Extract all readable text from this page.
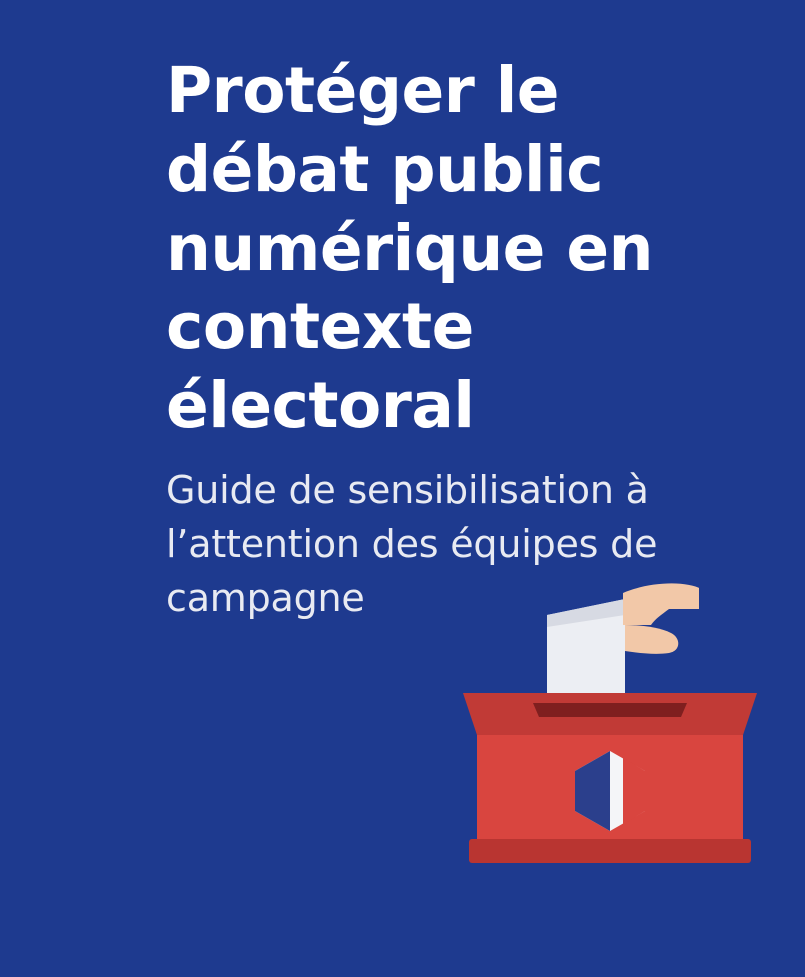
Protéger le débat public numérique en contexte électoral

Guide de sensibilisation à l’attention des équipes de campagne
